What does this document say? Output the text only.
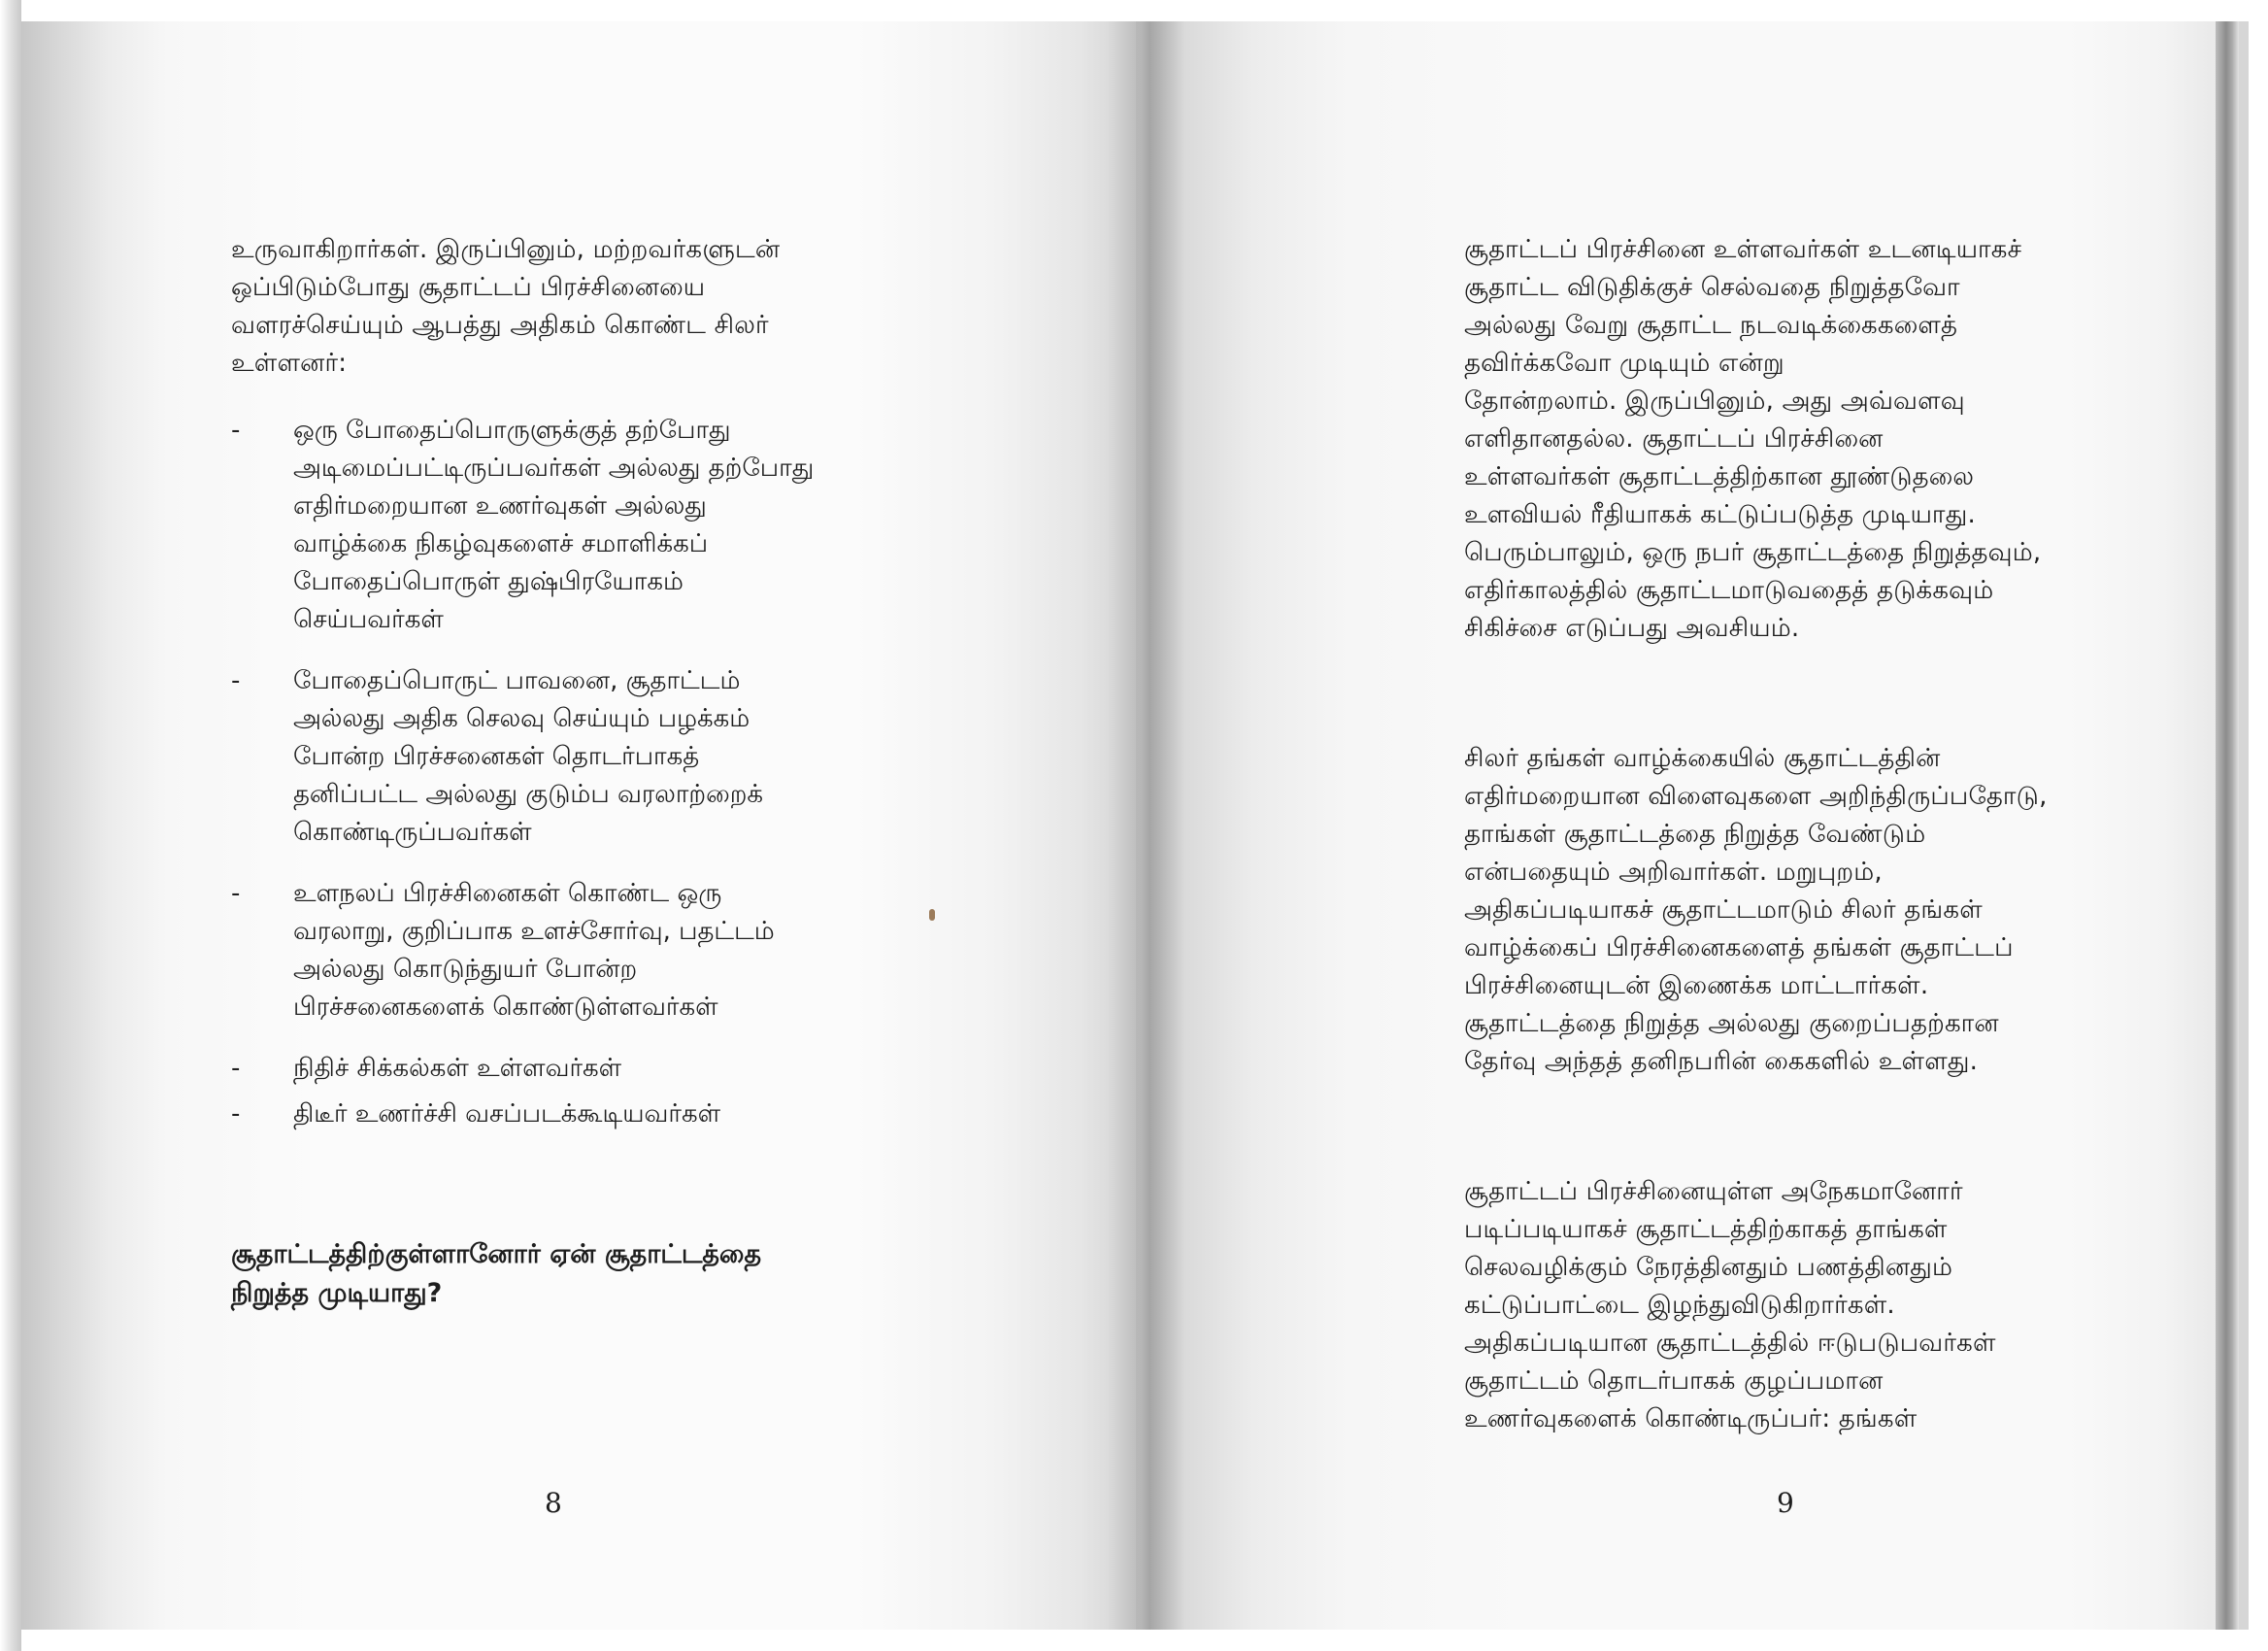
உருவாகிறார்கள். இருப்பினும், மற்றவர்களுடன்
ஒப்பிடும்போது சூதாட்டப் பிரச்சினையை
வளரச்செய்யும் ஆபத்து அதிகம் கொண்ட சிலர்
உள்ளனர்:
- ஒரு போதைப்பொருளுக்குத் தற்போது
அடிமைப்பட்டிருப்பவர்கள் அல்லது தற்போது
எதிர்மறையான உணர்வுகள் அல்லது
வாழ்க்கை நிகழ்வுகளைச் சமாளிக்கப்
போதைப்பொருள் துஷ்பிரயோகம்
செய்பவர்கள்
- போதைப்பொருட் பாவனை, சூதாட்டம்
அல்லது அதிக செலவு செய்யும் பழக்கம்
போன்ற பிரச்சனைகள் தொடர்பாகத்
தனிப்பட்ட அல்லது குடும்ப வரலாற்றைக்
கொண்டிருப்பவர்கள்
- உளநலப் பிரச்சினைகள் கொண்ட ஒரு
வரலாறு, குறிப்பாக உளச்சோர்வு, பதட்டம்
அல்லது கொடுந்துயர் போன்ற
பிரச்சனைகளைக் கொண்டுள்ளவர்கள்
- நிதிச் சிக்கல்கள் உள்ளவர்கள்
- திடீர் உணர்ச்சி வசப்படக்கூடியவர்கள்
சூதாட்டத்திற்குள்ளானோர் ஏன் சூதாட்டத்தை
நிறுத்த முடியாது?
8
சூதாட்டப் பிரச்சினை உள்ளவர்கள் உடனடியாகச்
சூதாட்ட விடுதிக்குச் செல்வதை நிறுத்தவோ
அல்லது வேறு சூதாட்ட நடவடிக்கைகளைத்
தவிர்க்கவோ முடியும் என்று
தோன்றலாம். இருப்பினும், அது அவ்வளவு
எளிதானதல்ல. சூதாட்டப் பிரச்சினை
உள்ளவர்கள் சூதாட்டத்திற்கான தூண்டுதலை
உளவியல் ரீதியாகக் கட்டுப்படுத்த முடியாது.
பெரும்பாலும், ஒரு நபர் சூதாட்டத்தை நிறுத்தவும்,
எதிர்காலத்தில் சூதாட்டமாடுவதைத் தடுக்கவும்
சிகிச்சை எடுப்பது அவசியம்.
சிலர் தங்கள் வாழ்க்கையில் சூதாட்டத்தின்
எதிர்மறையான விளைவுகளை அறிந்திருப்பதோடு,
தாங்கள் சூதாட்டத்தை நிறுத்த வேண்டும்
என்பதையும் அறிவார்கள். மறுபுறம்,
அதிகப்படியாகச் சூதாட்டமாடும் சிலர் தங்கள்
வாழ்க்கைப் பிரச்சினைகளைத் தங்கள் சூதாட்டப்
பிரச்சினையுடன் இணைக்க மாட்டார்கள்.
சூதாட்டத்தை நிறுத்த அல்லது குறைப்பதற்கான
தேர்வு அந்தத் தனிநபரின் கைகளில் உள்ளது.
சூதாட்டப் பிரச்சினையுள்ள அநேகமானோர்
படிப்படியாகச் சூதாட்டத்திற்காகத் தாங்கள்
செலவழிக்கும் நேரத்தினதும் பணத்தினதும்
கட்டுப்பாட்டை இழந்துவிடுகிறார்கள்.
அதிகப்படியான சூதாட்டத்தில் ஈடுபடுபவர்கள்
சூதாட்டம் தொடர்பாகக் குழப்பமான
உணர்வுகளைக் கொண்டிருப்பர்: தங்கள்
9
